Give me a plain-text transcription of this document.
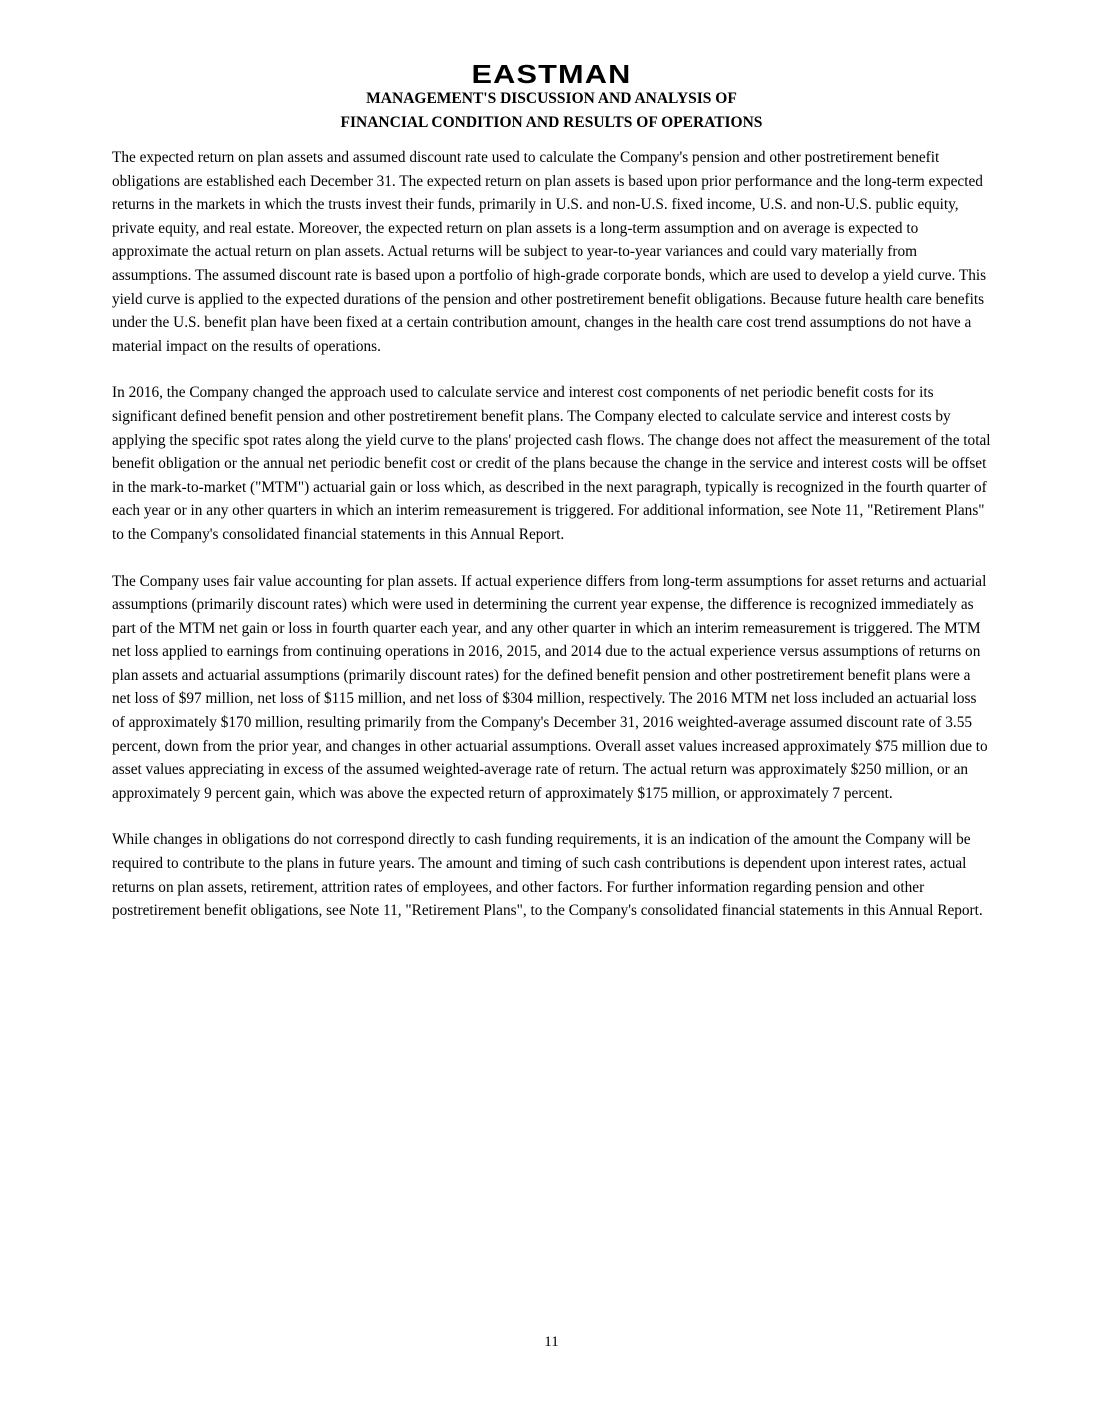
EASTMAN
MANAGEMENT'S DISCUSSION AND ANALYSIS OF
FINANCIAL CONDITION AND RESULTS OF OPERATIONS

The expected return on plan assets and assumed discount rate used to calculate the Company's pension and other postretirement benefit obligations are established each December 31. The expected return on plan assets is based upon prior performance and the long-term expected returns in the markets in which the trusts invest their funds, primarily in U.S. and non-U.S. fixed income, U.S. and non-U.S. public equity, private equity, and real estate. Moreover, the expected return on plan assets is a long-term assumption and on average is expected to approximate the actual return on plan assets. Actual returns will be subject to year-to-year variances and could vary materially from assumptions. The assumed discount rate is based upon a portfolio of high-grade corporate bonds, which are used to develop a yield curve. This yield curve is applied to the expected durations of the pension and other postretirement benefit obligations. Because future health care benefits under the U.S. benefit plan have been fixed at a certain contribution amount, changes in the health care cost trend assumptions do not have a material impact on the results of operations.

In 2016, the Company changed the approach used to calculate service and interest cost components of net periodic benefit costs for its significant defined benefit pension and other postretirement benefit plans. The Company elected to calculate service and interest costs by applying the specific spot rates along the yield curve to the plans' projected cash flows. The change does not affect the measurement of the total benefit obligation or the annual net periodic benefit cost or credit of the plans because the change in the service and interest costs will be offset in the mark-to-market ("MTM") actuarial gain or loss which, as described in the next paragraph, typically is recognized in the fourth quarter of each year or in any other quarters in which an interim remeasurement is triggered. For additional information, see Note 11, "Retirement Plans" to the Company's consolidated financial statements in this Annual Report.

The Company uses fair value accounting for plan assets. If actual experience differs from long-term assumptions for asset returns and actuarial assumptions (primarily discount rates) which were used in determining the current year expense, the difference is recognized immediately as part of the MTM net gain or loss in fourth quarter each year, and any other quarter in which an interim remeasurement is triggered. The MTM net loss applied to earnings from continuing operations in 2016, 2015, and 2014 due to the actual experience versus assumptions of returns on plan assets and actuarial assumptions (primarily discount rates) for the defined benefit pension and other postretirement benefit plans were a net loss of $97 million, net loss of $115 million, and net loss of $304 million, respectively. The 2016 MTM net loss included an actuarial loss of approximately $170 million, resulting primarily from the Company's December 31, 2016 weighted-average assumed discount rate of 3.55 percent, down from the prior year, and changes in other actuarial assumptions. Overall asset values increased approximately $75 million due to asset values appreciating in excess of the assumed weighted-average rate of return. The actual return was approximately $250 million, or an approximately 9 percent gain, which was above the expected return of approximately $175 million, or approximately 7 percent.

While changes in obligations do not correspond directly to cash funding requirements, it is an indication of the amount the Company will be required to contribute to the plans in future years. The amount and timing of such cash contributions is dependent upon interest rates, actual returns on plan assets, retirement, attrition rates of employees, and other factors. For further information regarding pension and other postretirement benefit obligations, see Note 11, "Retirement Plans", to the Company's consolidated financial statements in this Annual Report.

11
